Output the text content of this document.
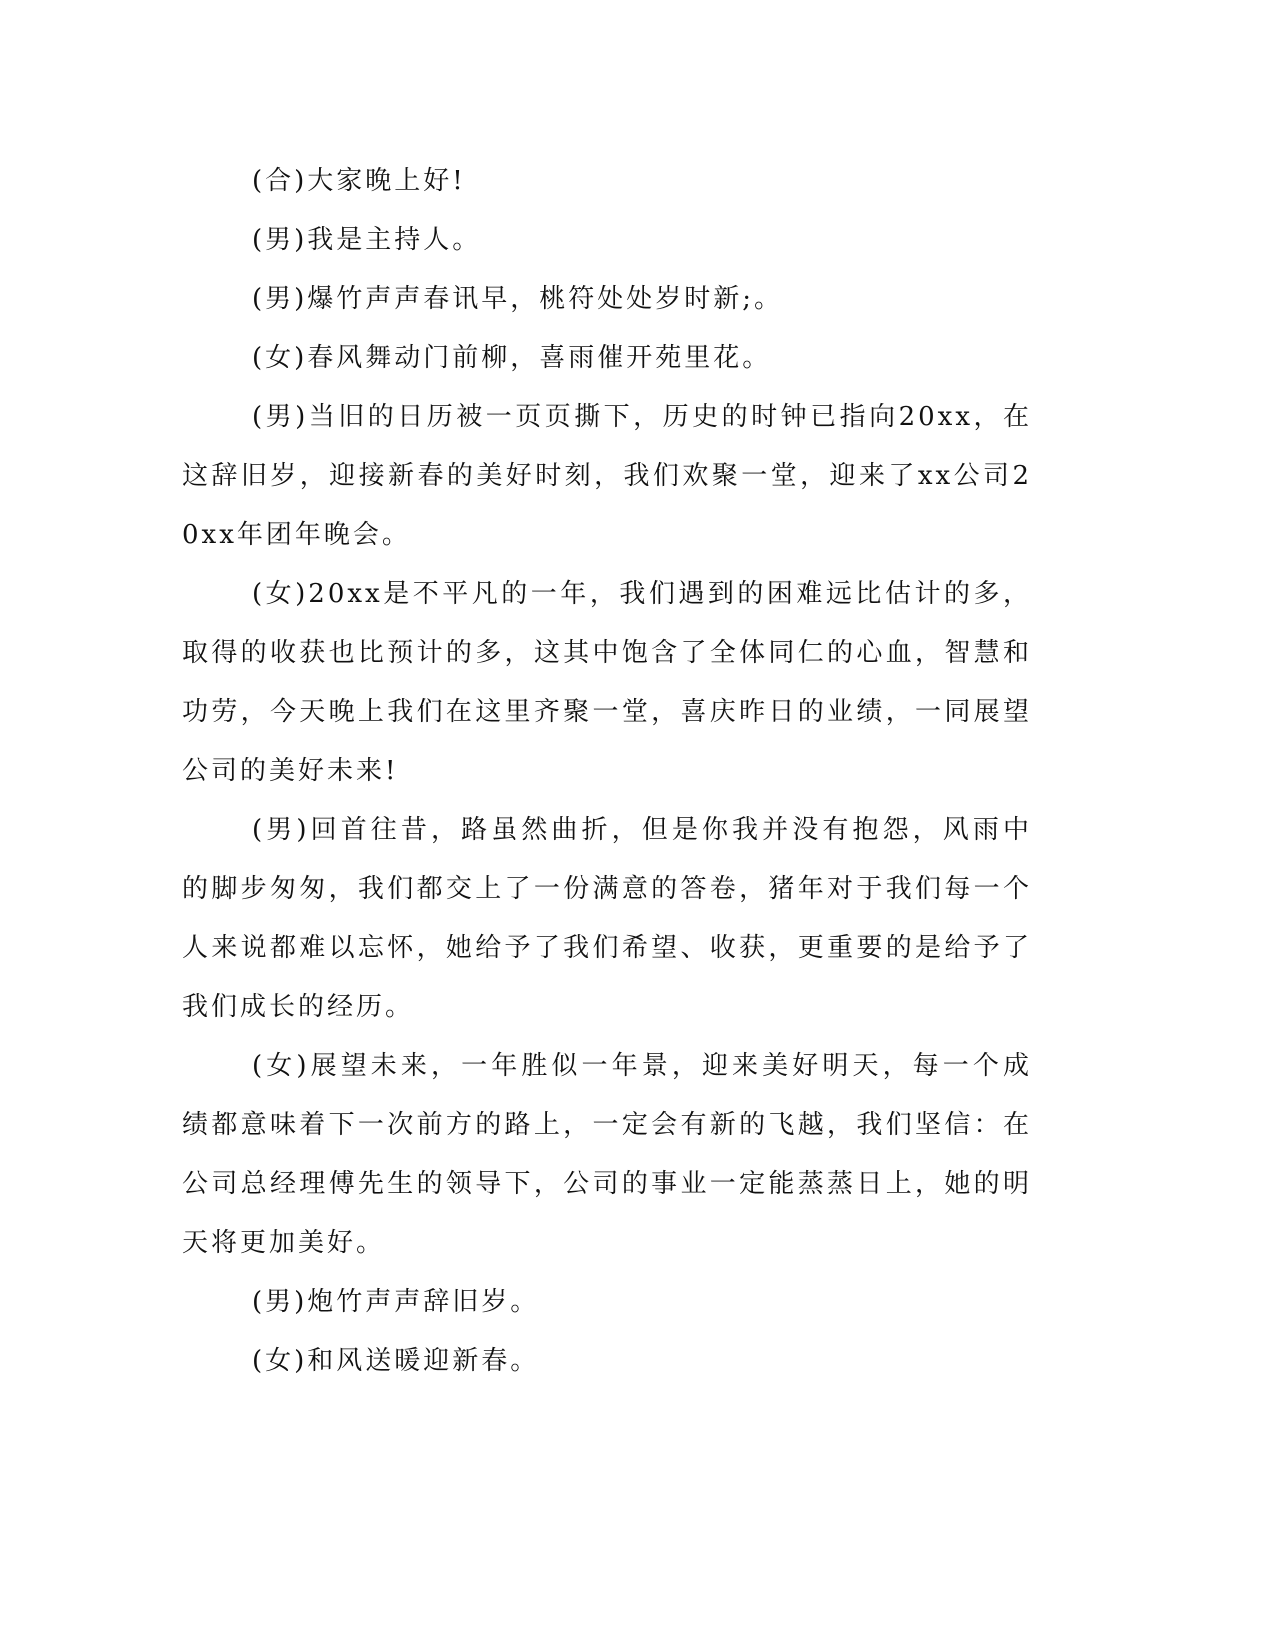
(合)大家晚上好!

(男)我是主持人。

(男)爆竹声声春讯早，桃符处处岁时新;。

(女)春风舞动门前柳，喜雨催开苑里花。

(男)当旧的日历被一页页撕下，历史的时钟已指向20xx，在这辞旧岁，迎接新春的美好时刻，我们欢聚一堂，迎来了xx公司20xx年团年晚会。

(女)20xx是不平凡的一年，我们遇到的困难远比估计的多，取得的收获也比预计的多，这其中饱含了全体同仁的心血，智慧和功劳，今天晚上我们在这里齐聚一堂，喜庆昨日的业绩，一同展望公司的美好未来!

(男)回首往昔，路虽然曲折，但是你我并没有抱怨，风雨中的脚步匆匆，我们都交上了一份满意的答卷，猪年对于我们每一个人来说都难以忘怀，她给予了我们希望、收获，更重要的是给予了我们成长的经历。

(女)展望未来，一年胜似一年景，迎来美好明天，每一个成绩都意味着下一次前方的路上，一定会有新的飞越，我们坚信：在公司总经理傅先生的领导下，公司的事业一定能蒸蒸日上，她的明天将更加美好。

(男)炮竹声声辞旧岁。

(女)和风送暖迎新春。
